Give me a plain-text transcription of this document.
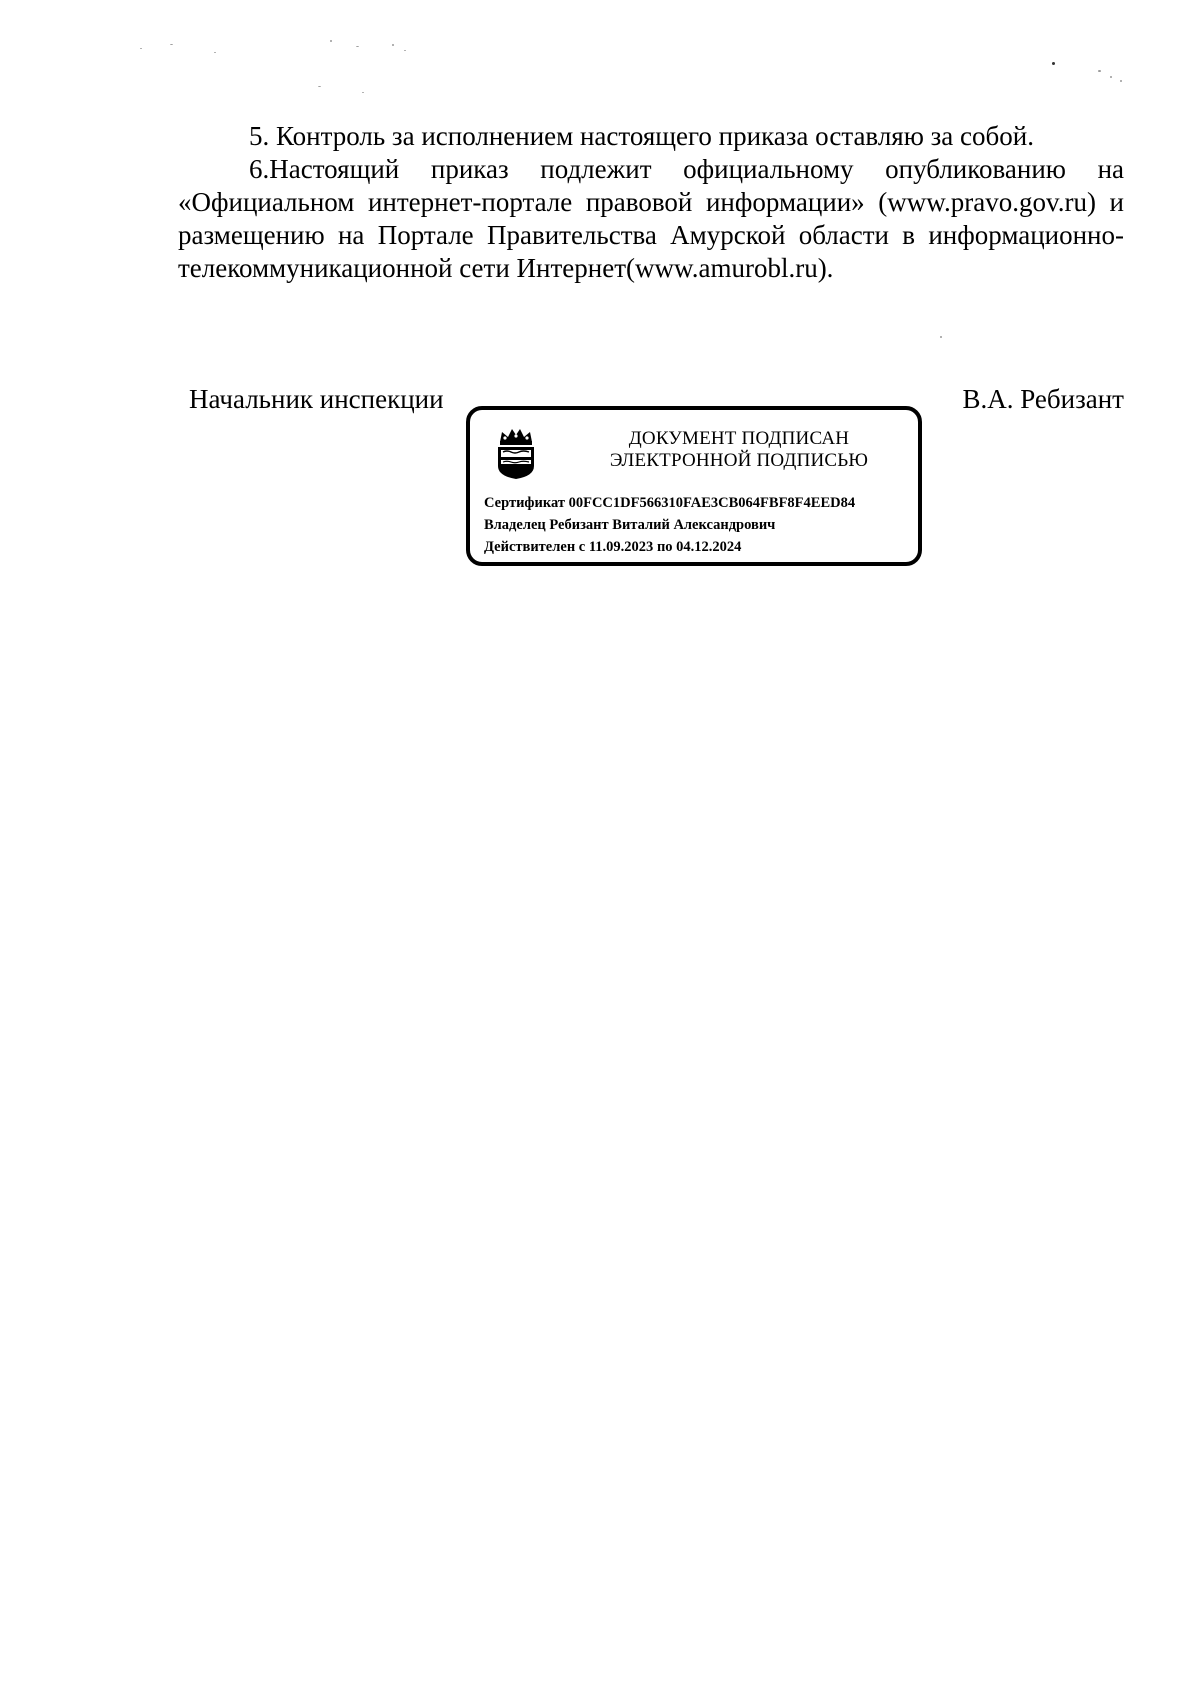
5. Контроль за исполнением настоящего приказа оставляю за собой.

6.Настоящий приказ подлежит официальному опубликованию на «Официальном интернет-портале правовой информации» (www.pravo.gov.ru) и размещению на Портале Правительства Амурской области в информационно-телекоммуникационной сети Интернет(www.amurobl.ru).

Начальник инспекции	В.А. Ребизант
ДОКУМЕНТ ПОДПИСАН
ЭЛЕКТРОННОЙ ПОДПИСЬЮ
Сертификат 00FCC1DF566310FAE3CB064FBF8F4EED84
Владелец Ребизант Виталий Александрович
Действителен с 11.09.2023 по 04.12.2024
